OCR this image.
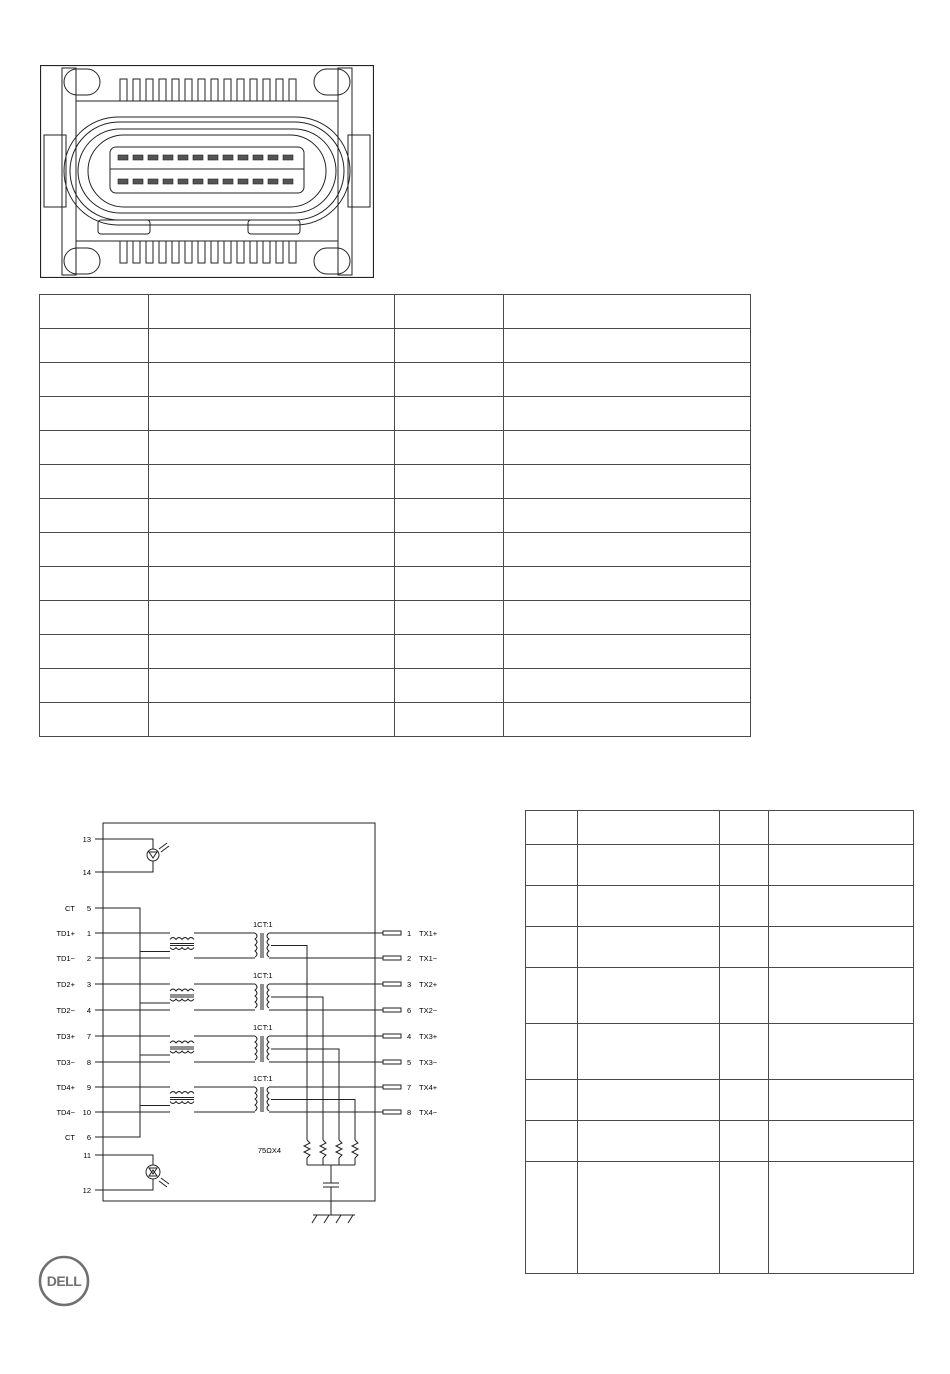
13
14
5
CT
1
TD1+
2
TD1−
3
TD2+
4
TD2−
7
TD3+
8
TD3−
9
TD4+
10
TD4−
6
CT
11
12
1CT:1
1CT:1
1CT:1
1CT:1
75ΩX4
1 TX1+
2 TX1−
3 TX2+
6 TX2−
4 TX3+
5 TX3−
7 TX4+
8 TX4−

DELL
